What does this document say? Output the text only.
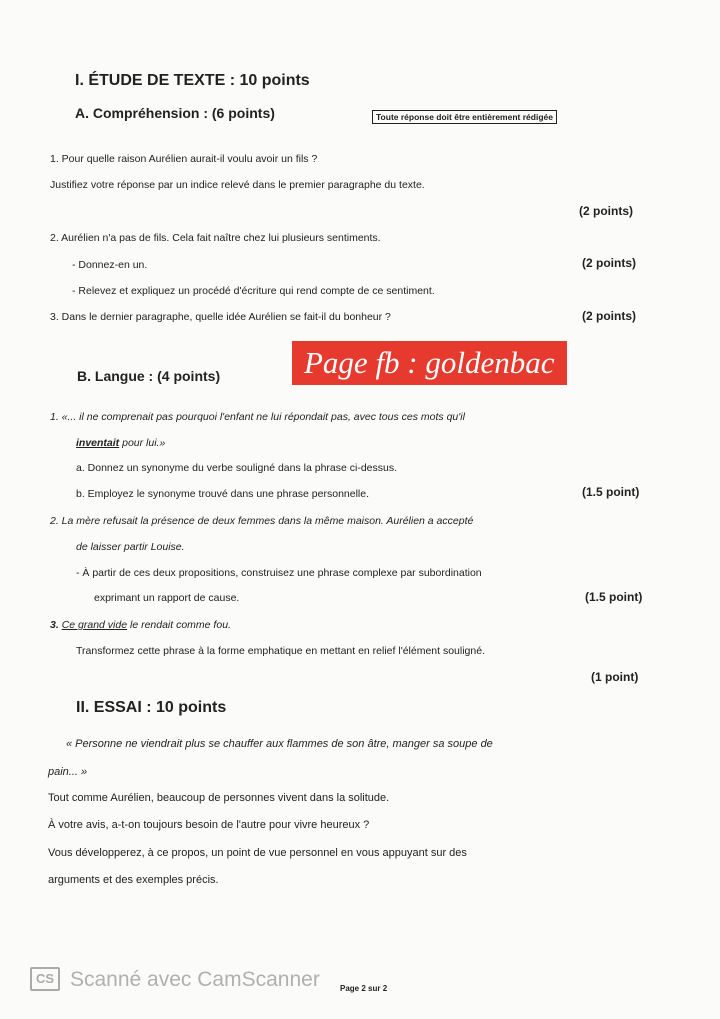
I. ÉTUDE DE TEXTE : 10 points
A. Compréhension : (6 points)	Toute réponse doit être entièrement rédigée
1. Pour quelle raison Aurélien aurait-il voulu avoir un fils ?
Justifiez votre réponse par un indice relevé dans le premier paragraphe du texte.
(2 points)
2. Aurélien n'a pas de fils. Cela fait naître chez lui plusieurs sentiments.
- Donnez-en un.	(2 points)
- Relevez et expliquez un procédé d'écriture qui rend compte de ce sentiment.
3. Dans le dernier paragraphe, quelle idée Aurélien se fait-il du bonheur ?	(2 points)
Page fb : goldenbac
B. Langue : (4 points)
1. «... il ne comprenait pas pourquoi l'enfant ne lui répondait pas, avec tous ces mots qu'il
inventait pour lui.»
a. Donnez un synonyme du verbe souligné dans la phrase ci-dessus.
b. Employez le synonyme trouvé dans une phrase personnelle.	(1.5 point)
2. La mère refusait la présence de deux femmes dans la même maison. Aurélien a accepté
de laisser partir Louise.
- À partir de ces deux propositions, construisez une phrase complexe par subordination
exprimant un rapport de cause.	(1.5 point)
3. Ce grand vide le rendait comme fou.
Transformez cette phrase à la forme emphatique en mettant en relief l'élément souligné.
(1 point)
II. ESSAI : 10 points
« Personne ne viendrait plus se chauffer aux flammes de son âtre, manger sa soupe de
pain... »
Tout comme Aurélien, beaucoup de personnes vivent dans la solitude.
À votre avis, a-t-on toujours besoin de l'autre pour vivre heureux ?
Vous développerez, à ce propos, un point de vue personnel en vous appuyant sur des
arguments et des exemples précis.
CS Scanné avec CamScanner	Page 2 sur 2
